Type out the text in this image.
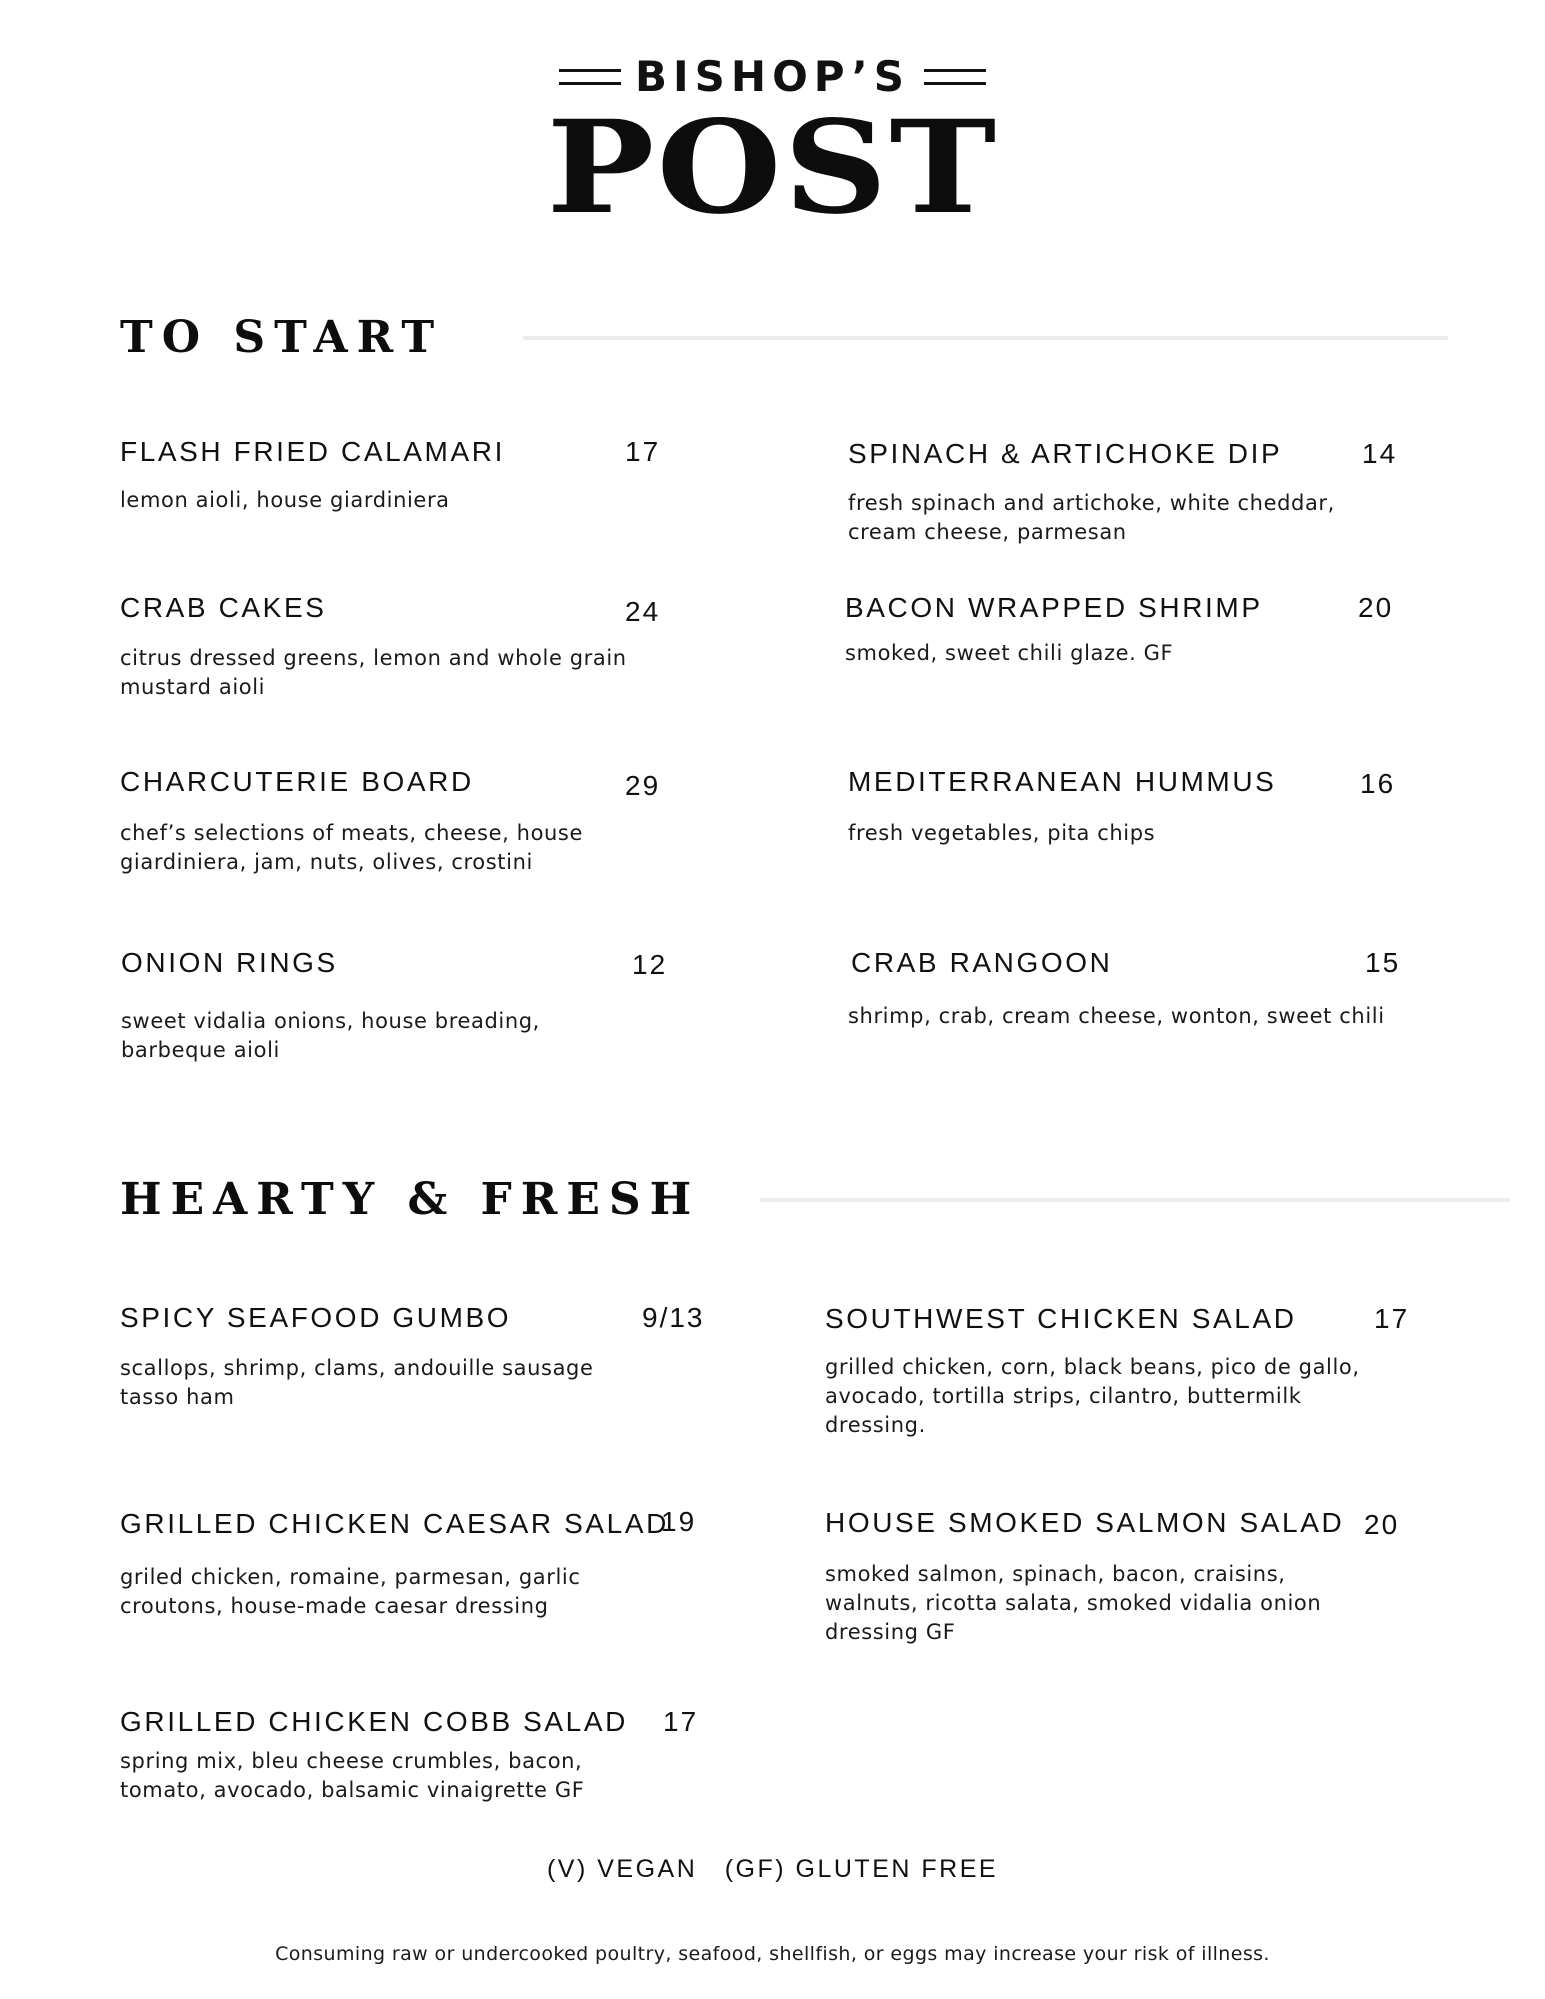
BISHOP’S
POST
TO START
FLASH FRIED CALAMARI	17
lemon aioli, house giardiniera
SPINACH & ARTICHOKE DIP	14
fresh spinach and artichoke, white cheddar, cream cheese, parmesan
CRAB CAKES	24
citrus dressed greens, lemon and whole grain mustard aioli
BACON WRAPPED SHRIMP	20
smoked, sweet chili glaze. GF
CHARCUTERIE BOARD	29
chef’s selections of meats, cheese, house giardiniera, jam, nuts, olives, crostini
MEDITERRANEAN HUMMUS	16
fresh vegetables, pita chips
ONION RINGS	12
sweet vidalia onions, house breading, barbeque aioli
CRAB RANGOON	15
shrimp, crab, cream cheese, wonton, sweet chili
HEARTY & FRESH
SPICY SEAFOOD GUMBO	9/13
scallops, shrimp, clams, andouille sausage tasso ham
SOUTHWEST CHICKEN SALAD	17
grilled chicken, corn, black beans, pico de gallo, avocado, tortilla strips, cilantro, buttermilk dressing.
GRILLED CHICKEN CAESAR SALAD
19
griled chicken, romaine, parmesan, garlic croutons, house-made caesar dressing
HOUSE SMOKED SALMON SALAD 20
smoked salmon, spinach, bacon, craisins, walnuts, ricotta salata, smoked vidalia onion dressing GF
GRILLED CHICKEN COBB SALAD 17
spring mix, bleu cheese crumbles, bacon, tomato, avocado, balsamic vinaigrette GF
(V) VEGAN (GF) GLUTEN FREE
Consuming raw or undercooked poultry, seafood, shellfish, or eggs may increase your risk of illness.
